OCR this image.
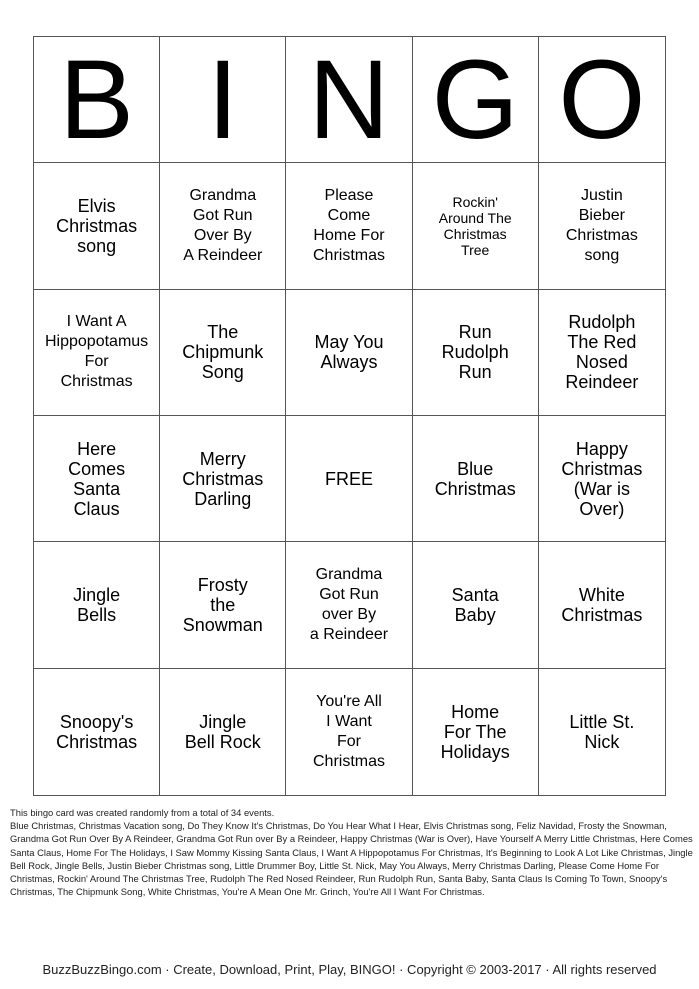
B I N G O
Elvis
Christmas
song
Grandma
Got Run
Over By
A Reindeer
Please
Come
Home For
Christmas
Rockin'
Around The
Christmas
Tree
Justin
Bieber
Christmas
song
I Want A
Hippopotamus
For
Christmas
The
Chipmunk
Song
May You
Always
Run
Rudolph
Run
Rudolph
The Red
Nosed
Reindeer
Here
Comes
Santa
Claus
Merry
Christmas
Darling
FREE	Blue
Christmas
Happy
Christmas
(War is
Over)
Jingle
Bells
Frosty
the
Snowman
Grandma
Got Run
over By
a Reindeer
Santa
Baby
White
Christmas
Snoopy's
Christmas
Jingle
Bell Rock
You're All
I Want
For
Christmas
Home
For The
Holidays
Little St.
Nick
This bingo card was created randomly from a total of 34 events.
Blue Christmas, Christmas Vacation song, Do They Know It's Christmas, Do You Hear What I Hear, Elvis Christmas song, Feliz Navidad, Frosty the Snowman, Grandma Got Run Over By A Reindeer, Grandma Got Run over By a Reindeer, Happy Christmas (War is Over), Have Yourself A Merry Little Christmas, Here Comes Santa Claus, Home For The Holidays, I Saw Mommy Kissing Santa Claus, I Want A Hippopotamus For Christmas, It's Beginning to Look A Lot Like Christmas, Jingle Bell Rock, Jingle Bells, Justin Bieber Christmas song, Little Drummer Boy, Little St. Nick, May You Always, Merry Christmas Darling, Please Come Home For Christmas, Rockin' Around The Christmas Tree, Rudolph The Red Nosed Reindeer, Run Rudolph Run, Santa Baby, Santa Claus Is Coming To Town, Snoopy's Christmas, The Chipmunk Song, White Christmas, You're A Mean One Mr. Grinch, You're All I Want For Christmas.
BuzzBuzzBingo.com · Create, Download, Print, Play, BINGO! · Copyright © 2003-2017 · All rights reserved
